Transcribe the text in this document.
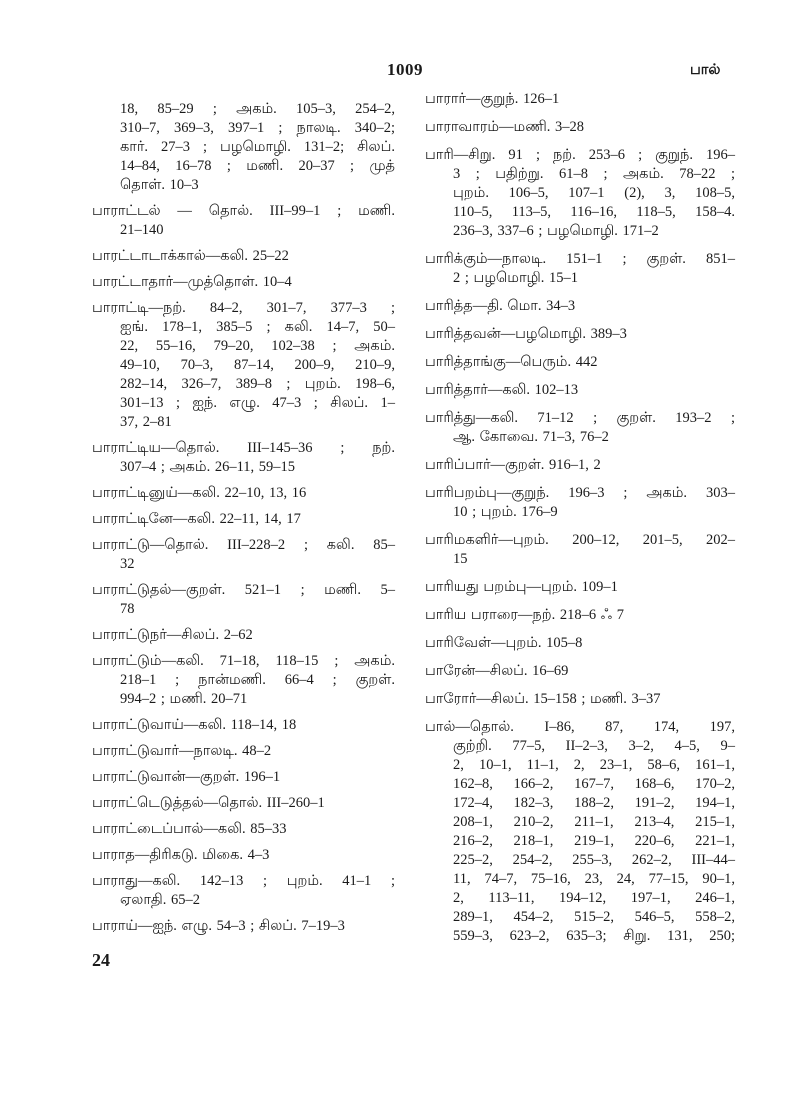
1009	பால்
18, 85–29 ; அகம். 105–3, 254–2,
310–7, 369–3, 397–1 ; நாலடி. 340–2;
கார். 27–3 ; பழமொழி. 131–2; சிலப்.
14–84, 16–78 ; மணி. 20–37 ; முத்
தொள். 10–3
பாராட்டல் — தொல். III–99–1 ; மணி.
21–140
பாரட்டாடாக்கால்—கலி. 25–22
பாரட்டாதார்—முத்தொள். 10–4
பாராட்டி—நற். 84–2, 301–7, 377–3 ;
ஐங். 178–1, 385–5 ; கலி. 14–7, 50–
22, 55–16, 79–20, 102–38 ; அகம்.
49–10, 70–3, 87–14, 200–9, 210–9,
282–14, 326–7, 389–8 ; புறம். 198–6,
301–13 ; ஐந். எழு. 47–3 ; சிலப். 1–
37, 2–81
பாராட்டிய—தொல். III–145–36 ; நற்.
307–4 ; அகம். 26–11, 59–15
பாராட்டினுய்—கலி. 22–10, 13, 16
பாராட்டினே—கலி. 22–11, 14, 17
பாராட்டு—தொல். III–228–2 ; கலி. 85–
32
பாராட்டுதல்—குறள். 521–1 ; மணி. 5–
78
பாராட்டுநர்—சிலப். 2–62
பாராட்டும்—கலி. 71–18, 118–15 ; அகம்.
218–1 ; நான்மணி. 66–4 ; குறள்.
994–2 ; மணி. 20–71
பாராட்டுவாய்—கலி. 118–14, 18
பாராட்டுவார்—நாலடி. 48–2
பாராட்டுவான்—குறள். 196–1
பாராட்டெடுத்தல்—தொல். III–260–1
பாராட்டைப்பால்—கலி. 85–33
பாராத—திரிகடு. மிகை. 4–3
பாராது—கலி. 142–13 ; புறம். 41–1 ;
ஏலாதி. 65–2
பாராய்—ஐந். எழு. 54–3 ; சிலப். 7–19–3
பாரார்—குறுந். 126–1
பாராவாரம்—மணி. 3–28
பாரி—சிறு. 91 ; நற். 253–6 ; குறுந். 196–
3 ; பதிற்று. 61–8 ; அகம். 78–22 ;
புறம். 106–5, 107–1 (2), 3, 108–5,
110–5, 113–5, 116–16, 118–5, 158–4.
236–3, 337–6 ; பழமொழி. 171–2
பாரிக்கும்—நாலடி. 151–1 ; குறள். 851–
2 ; பழமொழி. 15–1
பாரித்த—தி. மொ. 34–3
பாரித்தவன்—பழமொழி. 389–3
பாரித்தாங்கு—பெரும். 442
பாரித்தார்—கலி. 102–13
பாரித்து—கலி. 71–12 ; குறள். 193–2 ;
ஆ. கோவை. 71–3, 76–2
பாரிப்பார்—குறள். 916–1, 2
பாரிபறம்பு—குறுந். 196–3 ; அகம். 303–
10 ; புறம். 176–9
பாரிமகளிர்—புறம். 200–12, 201–5, 202–
15
பாரியது பறம்பு—புறம். 109–1
பாரிய பராரை—நற். 218–6 ஃ 7
பாரிவேள்—புறம். 105–8
பாரேன்—சிலப். 16–69
பாரோர்—சிலப். 15–158 ; மணி. 3–37
பால்—தொல். I–86, 87, 174, 197,
குற்றி. 77–5, II–2–3, 3–2, 4–5, 9–
2, 10–1, 11–1, 2, 23–1, 58–6, 161–1,
162–8, 166–2, 167–7, 168–6, 170–2,
172–4, 182–3, 188–2, 191–2, 194–1,
208–1, 210–2, 211–1, 213–4, 215–1,
216–2, 218–1, 219–1, 220–6, 221–1,
225–2, 254–2, 255–3, 262–2, III–44–
11, 74–7, 75–16, 23, 24, 77–15, 90–1,
2, 113–11, 194–12, 197–1, 246–1,
289–1, 454–2, 515–2, 546–5, 558–2,
559–3, 623–2, 635–3; சிறு. 131, 250;
24
